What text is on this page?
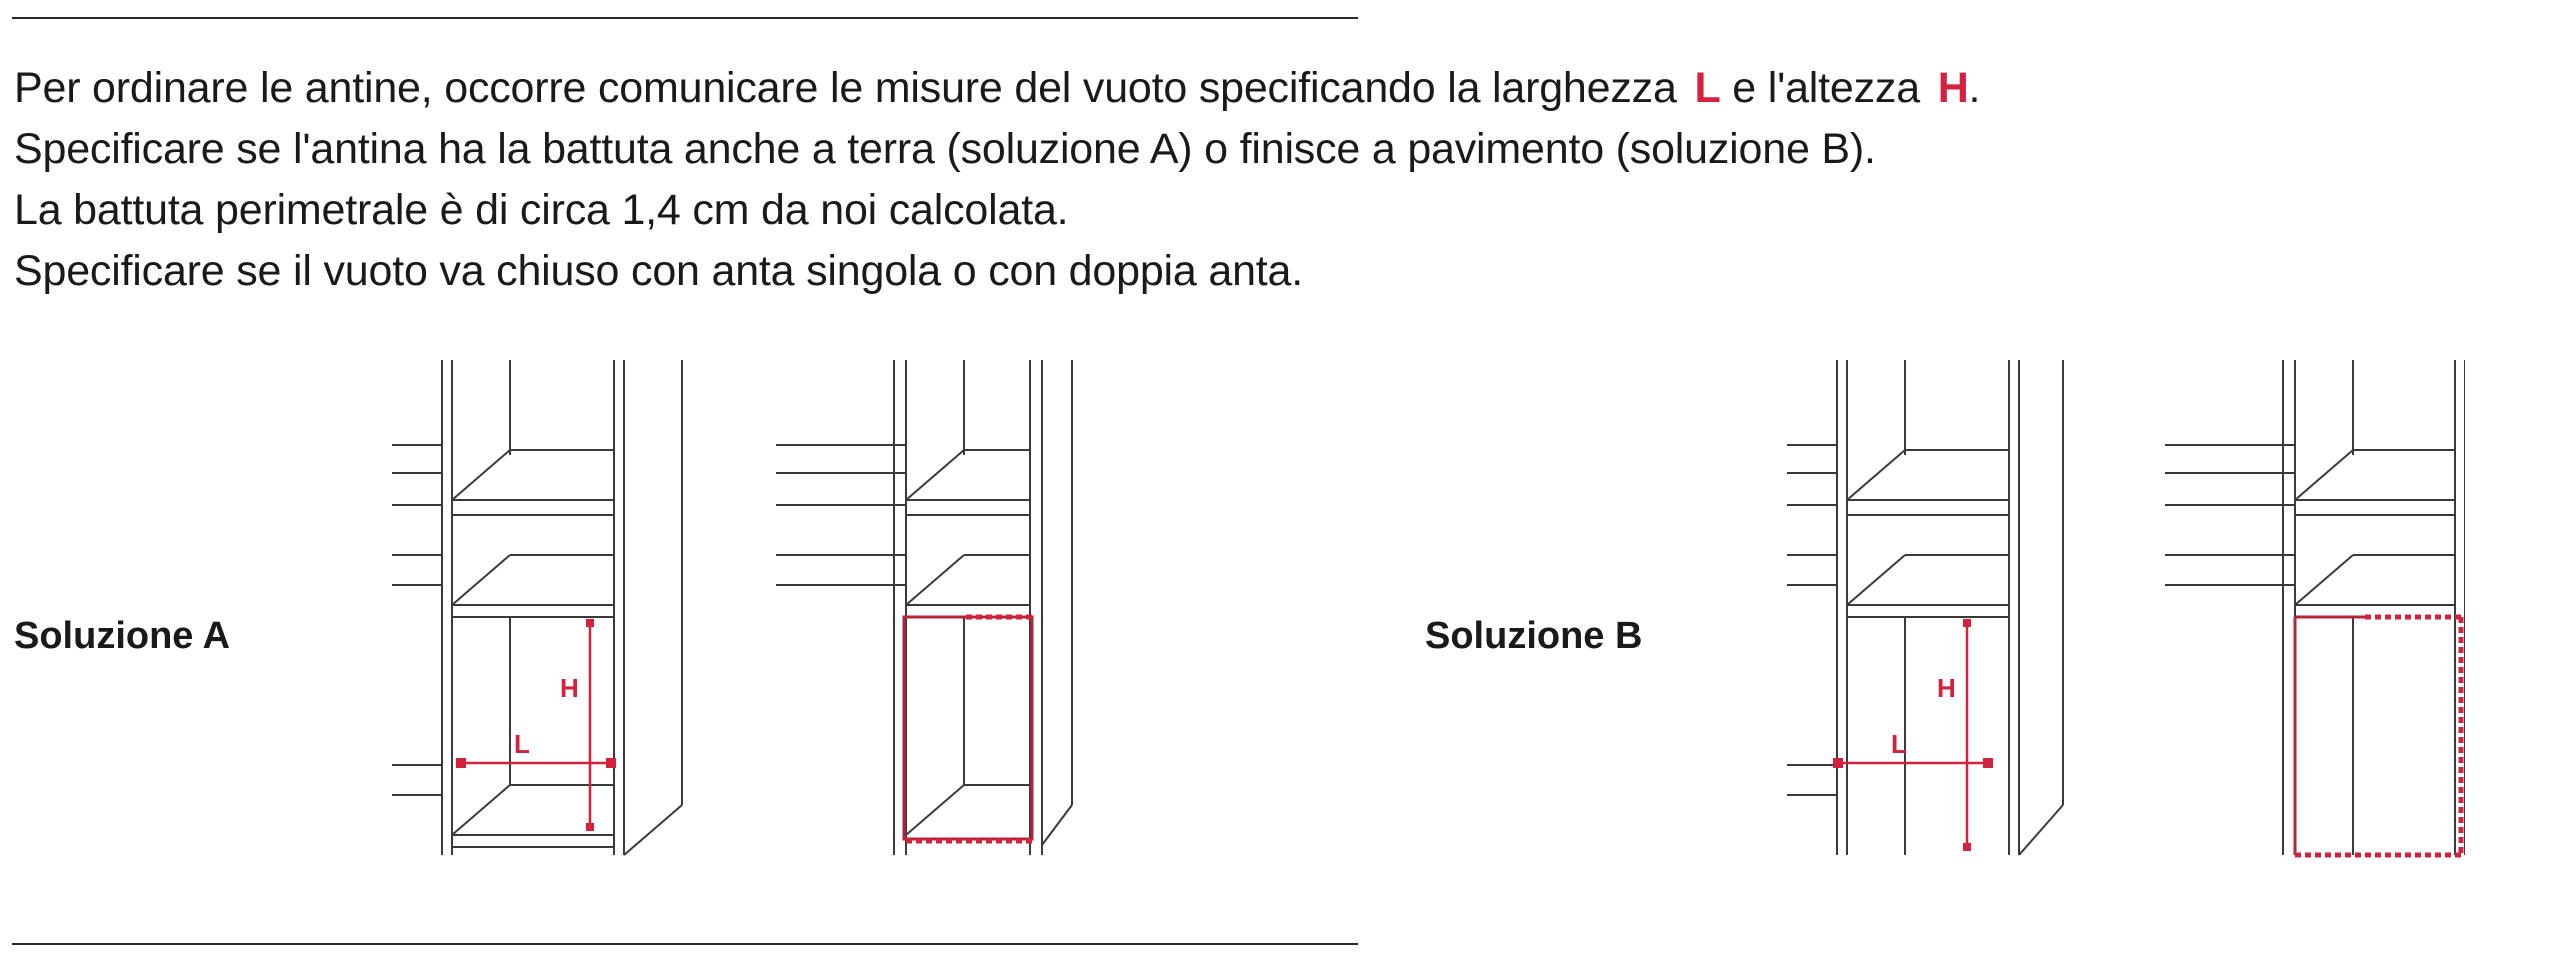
Per ordinare le antine, occorre comunicare le misure del vuoto specificando la larghezza L e l'altezza H.
Specificare se l'antina ha la battuta anche a terra (soluzione A) o finisce a pavimento (soluzione B).
La battuta perimetrale è di circa 1,4 cm da noi calcolata.
Specificare se il vuoto va chiuso con anta singola o con doppia anta.
Soluzione A	Soluzione B
H
L
H
L
